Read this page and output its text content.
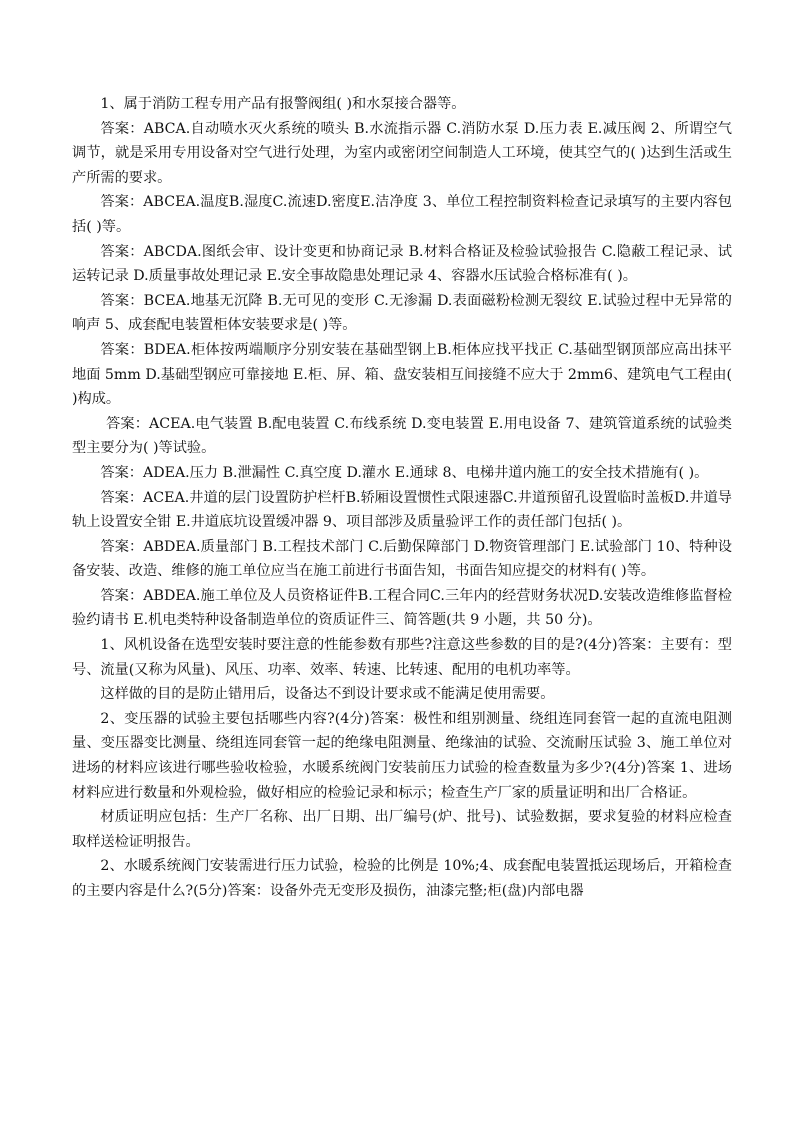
1、属于消防工程专用产品有报警阀组( )和水泵接合器等。

答案：ABCA.自动喷水灭火系统的喷头 B.水流指示器 C.消防水泵 D.压力表 E.减压阀 2、所谓空气调节，就是采用专用设备对空气进行处理，为室内或密闭空间制造人工环境，使其空气的( )达到生活或生产所需的要求。

答案：ABCEA.温度B.湿度C.流速D.密度E.洁净度 3、单位工程控制资料检查记录填写的主要内容包括( )等。

答案：ABCDA.图纸会审、设计变更和协商记录 B.材料合格证及检验试验报告 C.隐蔽工程记录、试运转记录 D.质量事故处理记录 E.安全事故隐患处理记录 4、容器水压试验合格标准有( )。

答案：BCEA.地基无沉降 B.无可见的变形 C.无渗漏 D.表面磁粉检测无裂纹 E.试验过程中无异常的响声 5、成套配电装置柜体安装要求是( )等。

答案：BDEA.柜体按两端顺序分别安装在基础型钢上B.柜体应找平找正 C.基础型钢顶部应高出抹平地面 5mm D.基础型钢应可靠接地 E.柜、屏、箱、盘安装相互间接缝不应大于 2mm6、建筑电气工程由( )构成。

答案：ACEA.电气装置 B.配电装置 C.布线系统 D.变电装置 E.用电设备 7、建筑管道系统的试验类型主要分为( )等试验。

答案：ADEA.压力 B.泄漏性 C.真空度 D.灌水 E.通球 8、电梯井道内施工的安全技术措施有( )。

答案：ACEA.井道的层门设置防护栏杆B.轿厢设置惯性式限速器C.井道预留孔设置临时盖板D.井道导轨上设置安全钳 E.井道底坑设置缓冲器 9、项目部涉及质量验评工作的责任部门包括( )。

答案：ABDEA.质量部门 B.工程技术部门 C.后勤保障部门 D.物资管理部门 E.试验部门 10、特种设备安装、改造、维修的施工单位应当在施工前进行书面告知，书面告知应提交的材料有( )等。

答案：ABDEA.施工单位及人员资格证件B.工程合同C.三年内的经营财务状况D.安装改造维修监督检验约请书 E.机电类特种设备制造单位的资质证件三、简答题(共 9 小题，共 50 分)。

1、风机设备在选型安装时要注意的性能参数有那些?注意这些参数的目的是?(4分)答案：主要有：型号、流量(又称为风量)、风压、功率、效率、转速、比转速、配用的电机功率等。

这样做的目的是防止错用后，设备达不到设计要求或不能满足使用需要。

2、变压器的试验主要包括哪些内容?(4分)答案：极性和组别测量、绕组连同套管一起的直流电阻测量、变压器变比测量、绕组连同套管一起的绝缘电阻测量、绝缘油的试验、交流耐压试验 3、施工单位对进场的材料应该进行哪些验收检验，水暖系统阀门安装前压力试验的检查数量为多少?(4分)答案 1、进场材料应进行数量和外观检验，做好相应的检验记录和标示；检查生产厂家的质量证明和出厂合格证。

材质证明应包括：生产厂名称、出厂日期、出厂编号(炉、批号)、试验数据，要求复验的材料应检查取样送检证明报告。

2、水暖系统阀门安装需进行压力试验，检验的比例是 10%;4、成套配电装置抵运现场后，开箱检查的主要内容是什么?(5分)答案：设备外壳无变形及损伤，油漆完整;柜(盘)内部电器
